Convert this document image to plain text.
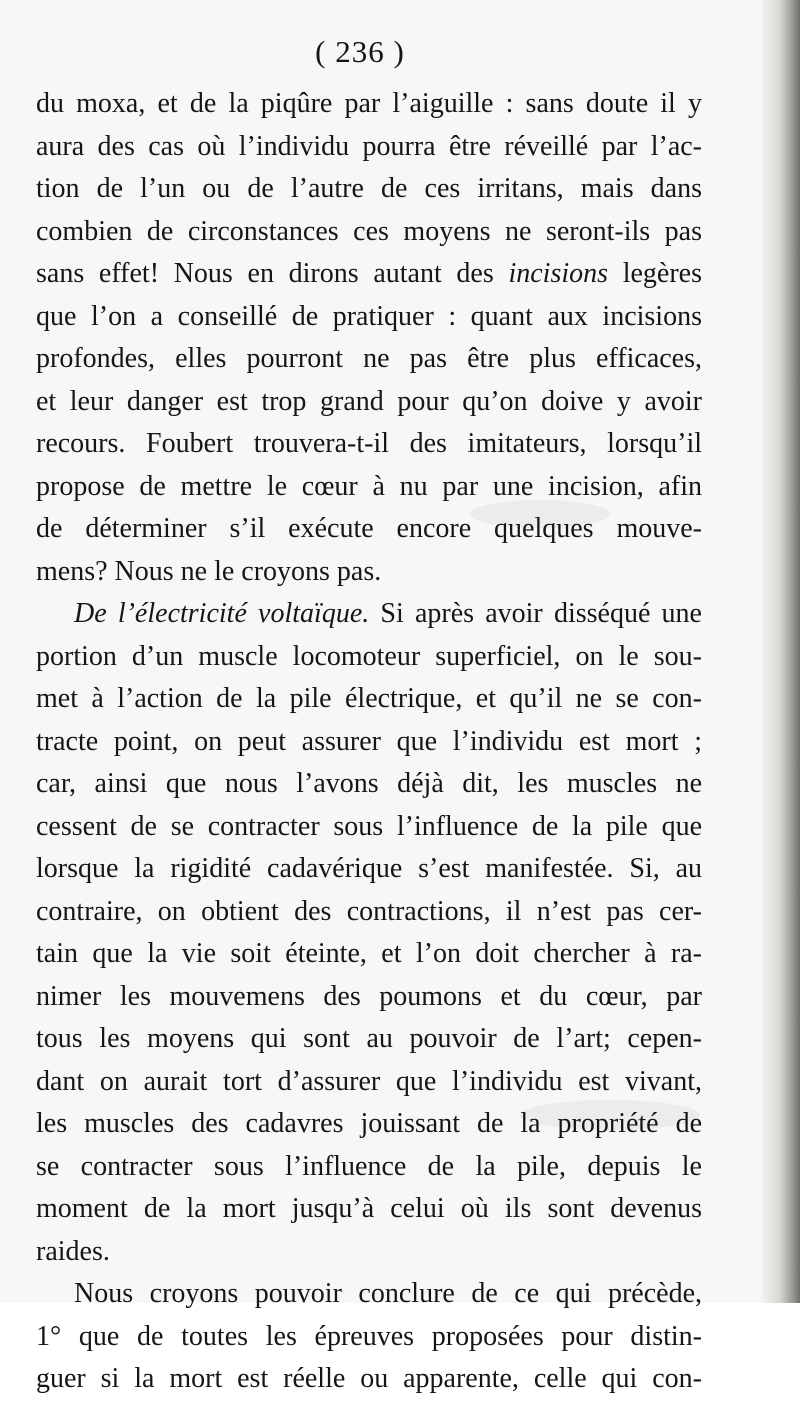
( 236 )
du moxa, et de la piqûre par l’aiguille : sans doute il y
aura des cas où l’individu pourra être réveillé par l’ac-
tion de l’un ou de l’autre de ces irritans, mais dans
combien de circonstances ces moyens ne seront-ils pas
sans effet! Nous en dirons autant des incisions legères
que l’on a conseillé de pratiquer : quant aux incisions
profondes, elles pourront ne pas être plus efficaces,
et leur danger est trop grand pour qu’on doive y avoir
recours. Foubert trouvera-t-il des imitateurs, lorsqu’il
propose de mettre le cœur à nu par une incision, afin
de déterminer s’il exécute encore quelques mouve-
mens? Nous ne le croyons pas.
De l’électricité voltaïque. Si après avoir disséqué une
portion d’un muscle locomoteur superficiel, on le sou-
met à l’action de la pile électrique, et qu’il ne se con-
tracte point, on peut assurer que l’individu est mort ;
car, ainsi que nous l’avons déjà dit, les muscles ne
cessent de se contracter sous l’influence de la pile que
lorsque la rigidité cadavérique s’est manifestée. Si, au
contraire, on obtient des contractions, il n’est pas cer-
tain que la vie soit éteinte, et l’on doit chercher à ra-
nimer les mouvemens des poumons et du cœur, par
tous les moyens qui sont au pouvoir de l’art; cepen-
dant on aurait tort d’assurer que l’individu est vivant,
les muscles des cadavres jouissant de la propriété de
se contracter sous l’influence de la pile, depuis le
moment de la mort jusqu’à celui où ils sont devenus
raides.
Nous croyons pouvoir conclure de ce qui précède,
1° que de toutes les épreuves proposées pour distin-
guer si la mort est réelle ou apparente, celle qui con-
